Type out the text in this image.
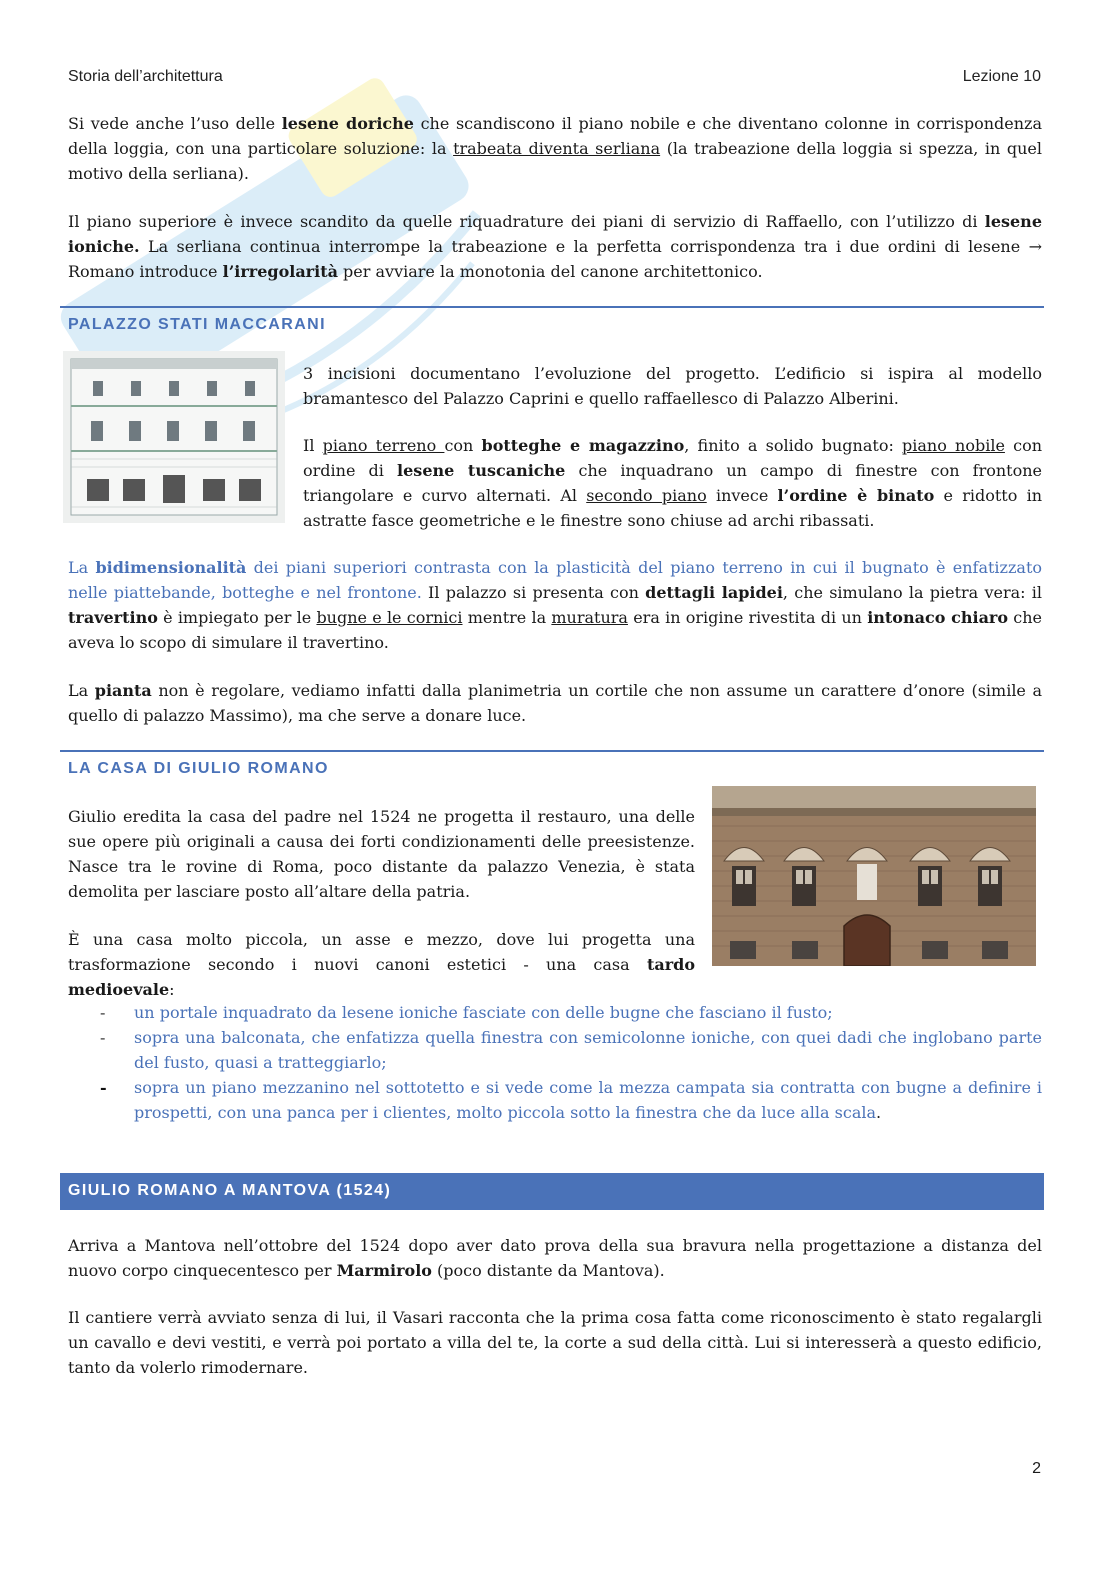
Storia dell’architettura	Lezione 10

Si vede anche l’uso delle lesene doriche che scandiscono il piano nobile e che diventano colonne in corrispondenza della loggia, con una particolare soluzione: la trabeata diventa serliana (la trabeazione della loggia si spezza, in quel motivo della serliana).

Il piano superiore è invece scandito da quelle riquadrature dei piani di servizio di Raffaello, con l’utilizzo di lesene ioniche. La serliana continua interrompe la trabeazione e la perfetta corrispondenza tra i due ordini di lesene → Romano introduce l’irregolarità per avviare la monotonia del canone architettonico.

PALAZZO STATI MACCARANI

3 incisioni documentano l’evoluzione del progetto. L’edificio si ispira al modello bramantesco del Palazzo Caprini e quello raffaellesco di Palazzo Alberini.

Il piano terreno con botteghe e magazzino, finito a solido bugnato: piano nobile con ordine di lesene tuscaniche che inquadrano un campo di finestre con frontone triangolare e curvo alternati. Al secondo piano invece l’ordine è binato e ridotto in astratte fasce geometriche e le finestre sono chiuse ad archi ribassati.

La bidimensionalità dei piani superiori contrasta con la plasticità del piano terreno in cui il bugnato è enfatizzato nelle piattebande, botteghe e nel frontone. Il palazzo si presenta con dettagli lapidei, che simulano la pietra vera: il travertino è impiegato per le bugne e le cornici mentre la muratura era in origine rivestita di un intonaco chiaro che aveva lo scopo di simulare il travertino.

La pianta non è regolare, vediamo infatti dalla planimetria un cortile che non assume un carattere d’onore (simile a quello di palazzo Massimo), ma che serve a donare luce.

LA CASA DI GIULIO ROMANO

Giulio eredita la casa del padre nel 1524 ne progetta il restauro, una delle sue opere più originali a causa dei forti condizionamenti delle preesistenze. Nasce tra le rovine di Roma, poco distante da palazzo Venezia, è stata demolita per lasciare posto all’altare della patria.

È una casa molto piccola, un asse e mezzo, dove lui progetta una trasformazione secondo i nuovi canoni estetici - una casa tardo medioevale:

- un portale inquadrato da lesene ioniche fasciate con delle bugne che fasciano il fusto;
- sopra una balconata, che enfatizza quella finestra con semicolonne ioniche, con quei dadi che inglobano parte del fusto, quasi a tratteggiarlo;
- sopra un piano mezzanino nel sottotetto e si vede come la mezza campata sia contratta con bugne a definire i prospetti, con una panca per i clientes, molto piccola sotto la finestra che da luce alla scala.
GIULIO ROMANO A MANTOVA (1524)

Arriva a Mantova nell’ottobre del 1524 dopo aver dato prova della sua bravura nella progettazione a distanza del nuovo corpo cinquecentesco per Marmirolo (poco distante da Mantova).

Il cantiere verrà avviato senza di lui, il Vasari racconta che la prima cosa fatta come riconoscimento è stato regalargli un cavallo e devi vestiti, e verrà poi portato a villa del te, la corte a sud della città. Lui si interesserà a questo edificio, tanto da volerlo rimodernare.

2
